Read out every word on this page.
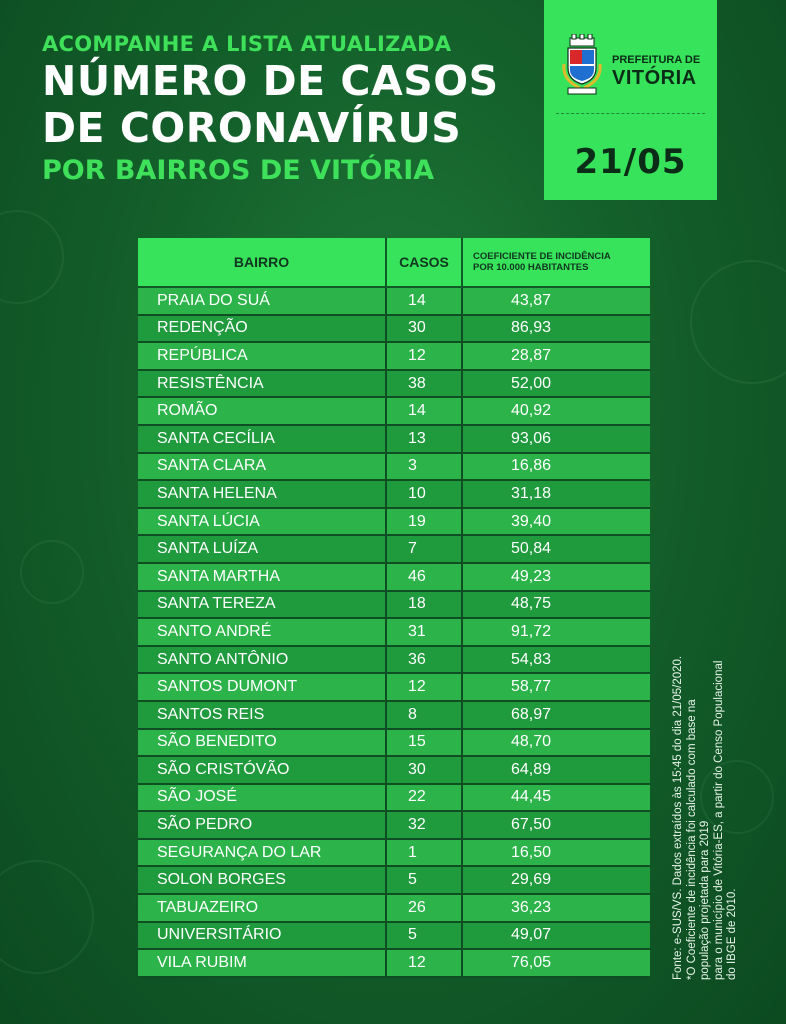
ACOMPANHE A LISTA ATUALIZADA
NÚMERO DE CASOS
DE CORONAVÍRUS
POR BAIRROS DE VITÓRIA
PREFEITURA DE
VITÓRIA
21/05
BAIRRO	CASOS	COEFICIENTE DE INCIDÊNCIA
POR 10.000 HABITANTES

PRAIA DO SUÁ	14	43,87
REDENÇÃO	30	86,93
REPÚBLICA	12	28,87
RESISTÊNCIA	38	52,00
ROMÃO	14	40,92
SANTA CECÍLIA	13	93,06
SANTA CLARA	3	16,86
SANTA HELENA	10	31,18
SANTA LÚCIA	19	39,40
SANTA LUÍZA	7	50,84
SANTA MARTHA	46	49,23
SANTA TEREZA	18	48,75
SANTO ANDRÉ	31	91,72
SANTO ANTÔNIO	36	54,83
SANTOS DUMONT	12	58,77
SANTOS REIS	8	68,97
SÃO BENEDITO	15	48,70
SÃO CRISTÓVÃO	30	64,89
SÃO JOSÉ	22	44,45
SÃO PEDRO	32	67,50
SEGURANÇA DO LAR	1	16,50
SOLON BORGES	5	29,69
TABUAZEIRO	26	36,23
UNIVERSITÁRIO	5	49,07
VILA RUBIM	12	76,05	Fonte: e-SUS/VS. Dados extraídos às 15:45 do dia 21/05/2020. *O Coeficiente de incidência foi calculado com base na população projetada para 2019 para o município de Vitória-ES, a partir do Censo Populacional do IBGE de 2010.
